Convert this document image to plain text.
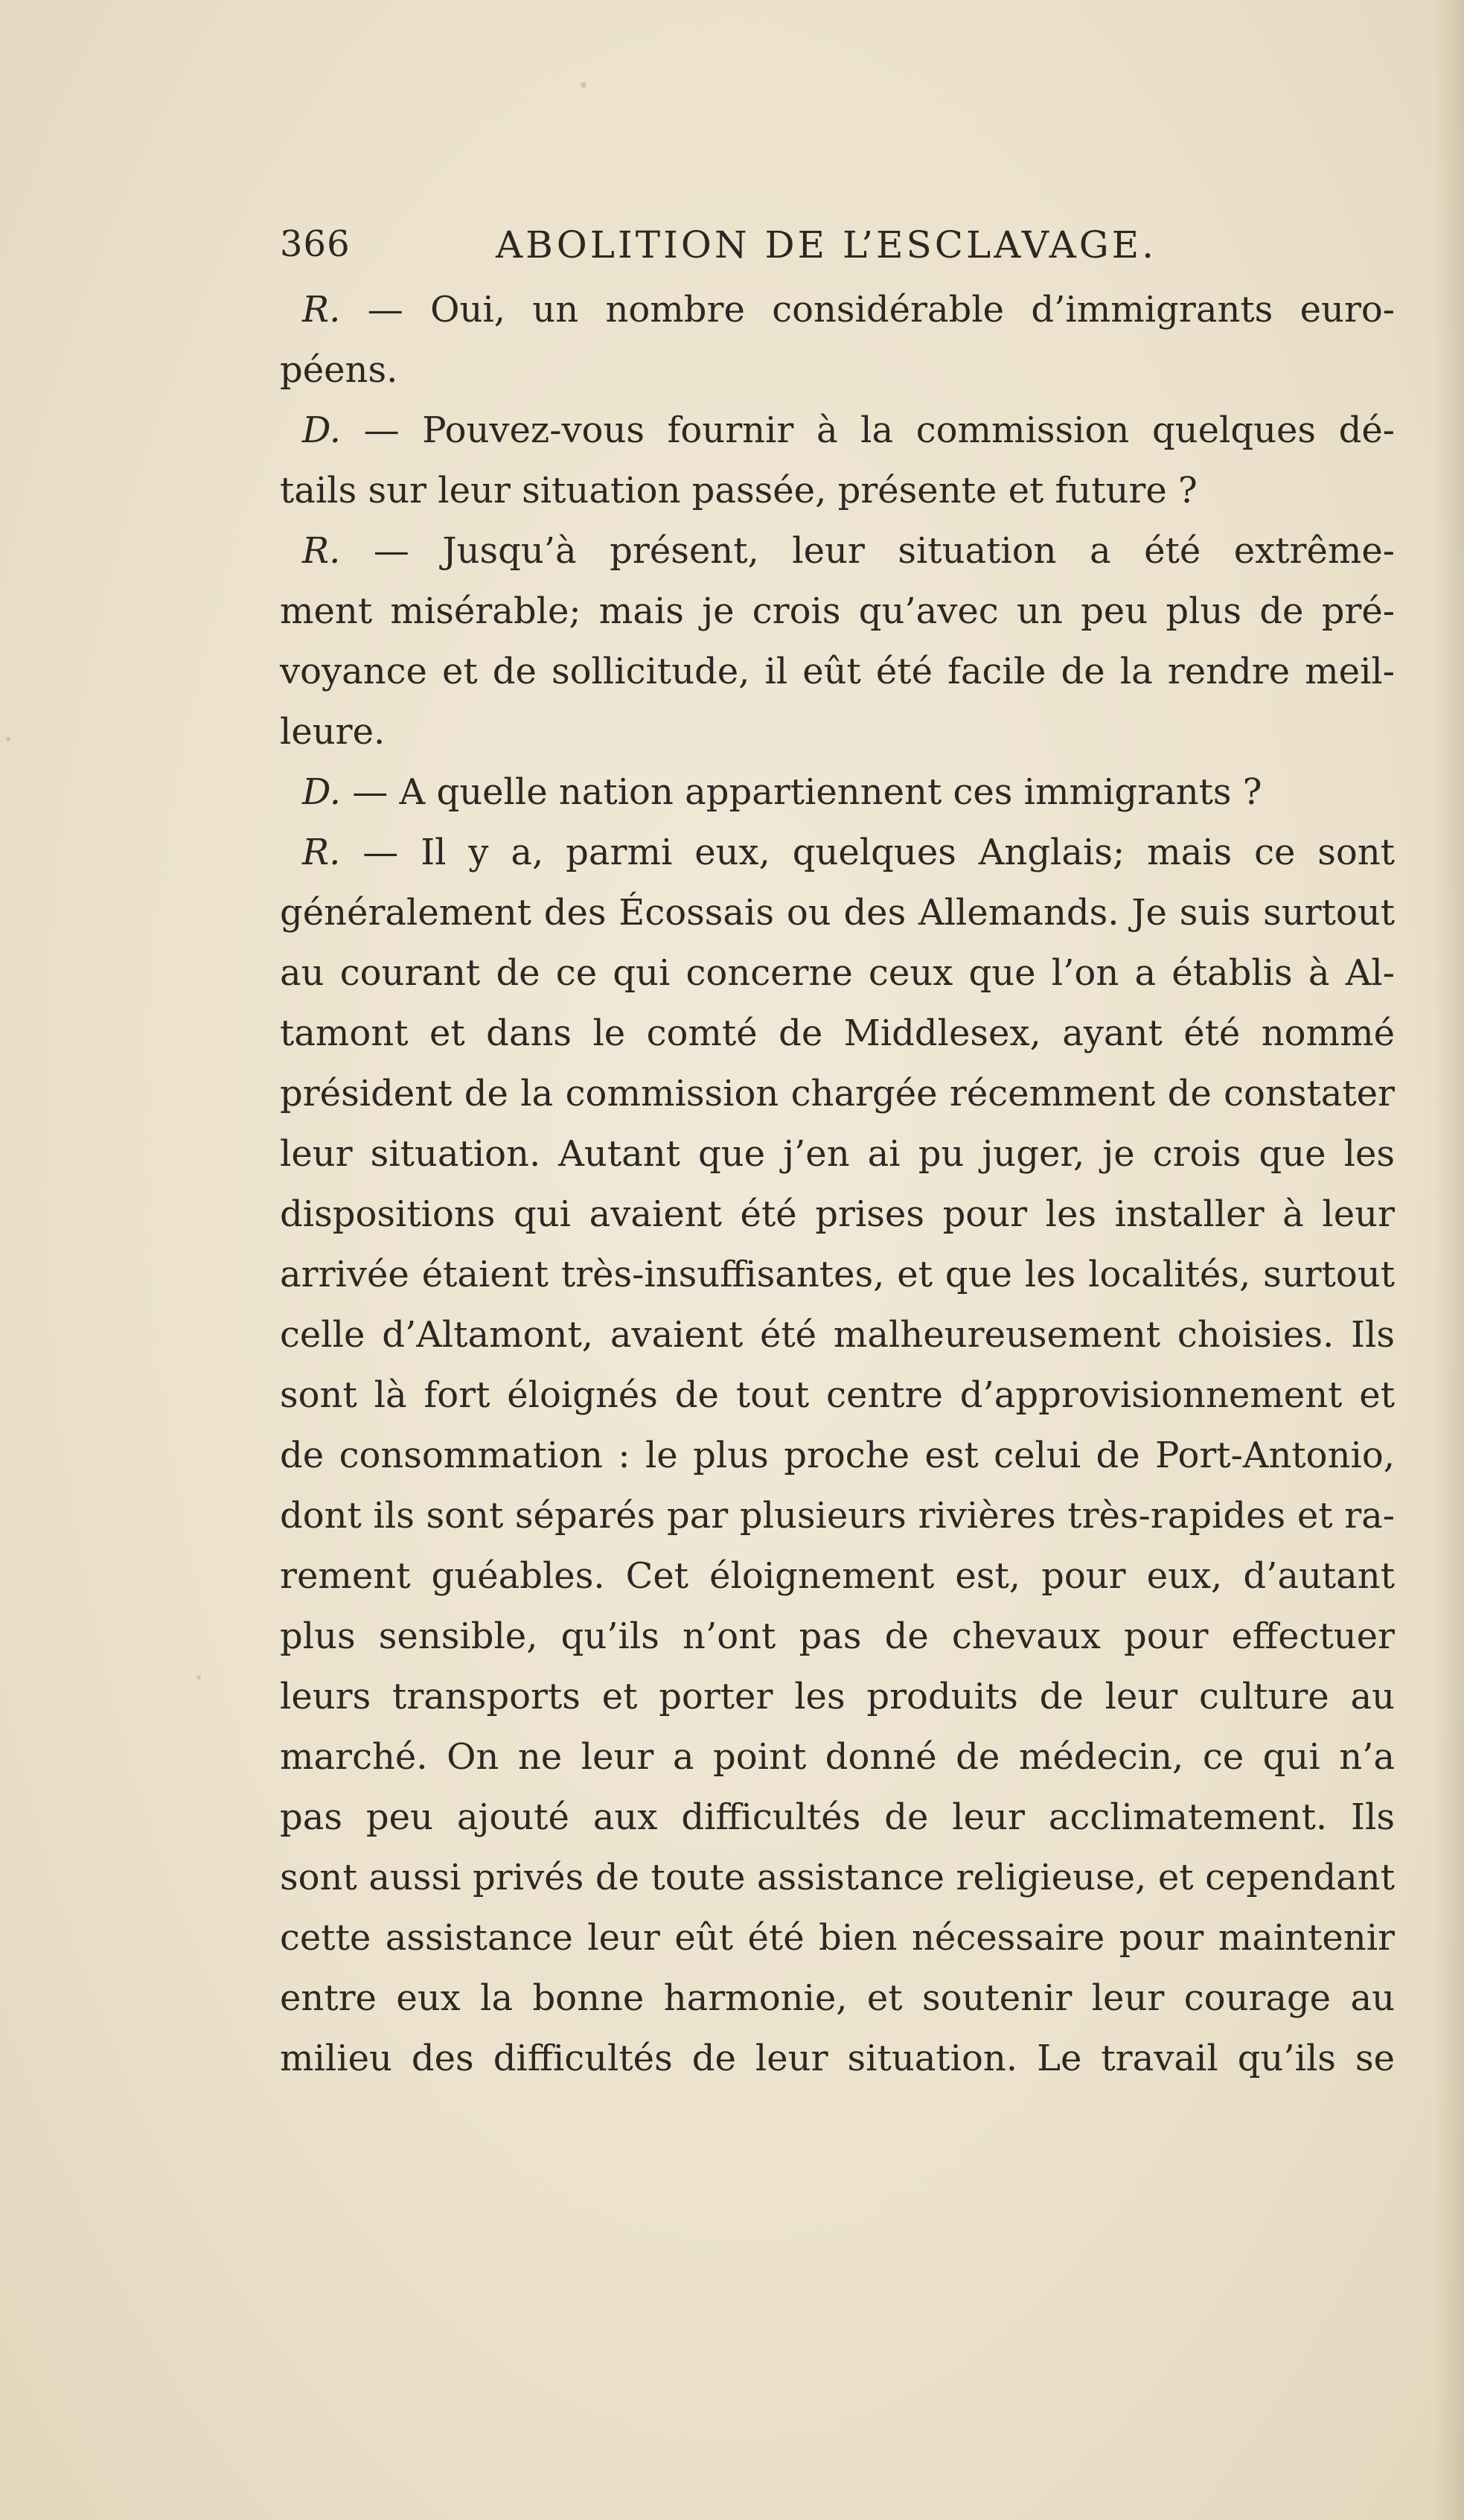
366	ABOLITION DE L’ESCLAVAGE.
R. — Oui, un nombre considérable d’immigrants euro-
péens.
D. — Pouvez-vous fournir à la commission quelques dé-
tails sur leur situation passée, présente et future ?
R. — Jusqu’à présent, leur situation a été extrême-
ment misérable; mais je crois qu’avec un peu plus de pré-
voyance et de sollicitude, il eût été facile de la rendre meil-
leure.
D. — A quelle nation appartiennent ces immigrants ?
R. — Il y a, parmi eux, quelques Anglais; mais ce sont
généralement des Écossais ou des Allemands. Je suis surtout
au courant de ce qui concerne ceux que l’on a établis à Al-
tamont et dans le comté de Middlesex, ayant été nommé
président de la commission chargée récemment de constater
leur situation. Autant que j’en ai pu juger, je crois que les
dispositions qui avaient été prises pour les installer à leur
arrivée étaient très-insuffisantes, et que les localités, surtout
celle d’Altamont, avaient été malheureusement choisies. Ils
sont là fort éloignés de tout centre d’approvisionnement et
de consommation : le plus proche est celui de Port-Antonio,
dont ils sont séparés par plusieurs rivières très-rapides et ra-
rement guéables. Cet éloignement est, pour eux, d’autant
plus sensible, qu’ils n’ont pas de chevaux pour effectuer
leurs transports et porter les produits de leur culture au
marché. On ne leur a point donné de médecin, ce qui n’a
pas peu ajouté aux difficultés de leur acclimatement. Ils
sont aussi privés de toute assistance religieuse, et cependant
cette assistance leur eût été bien nécessaire pour maintenir
entre eux la bonne harmonie, et soutenir leur courage au
milieu des difficultés de leur situation. Le travail qu’ils se
